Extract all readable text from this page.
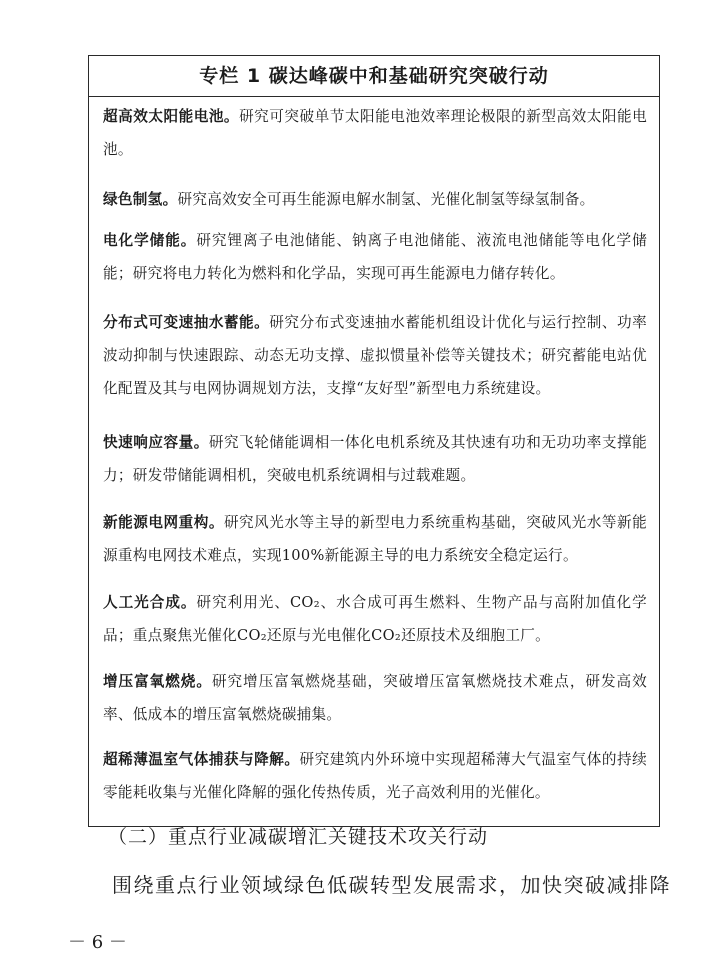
专栏 1 碳达峰碳中和基础研究突破行动
超高效太阳能电池。研究可突破单节太阳能电池效率理论极限的新型高效太阳能电池。
绿色制氢。研究高效安全可再生能源电解水制氢、光催化制氢等绿氢制备。
电化学储能。研究锂离子电池储能、钠离子电池储能、液流电池储能等电化学储能；研究将电力转化为燃料和化学品，实现可再生能源电力储存转化。
分布式可变速抽水蓄能。研究分布式变速抽水蓄能机组设计优化与运行控制、功率波动抑制与快速跟踪、动态无功支撑、虚拟惯量补偿等关键技术；研究蓄能电站优化配置及其与电网协调规划方法，支撑“友好型”新型电力系统建设。
快速响应容量。研究飞轮储能调相一体化电机系统及其快速有功和无功功率支撑能力；研发带储能调相机，突破电机系统调相与过载难题。
新能源电网重构。研究风光水等主导的新型电力系统重构基础，突破风光水等新能源重构电网技术难点，实现100%新能源主导的电力系统安全稳定运行。
人工光合成。研究利用光、CO₂、水合成可再生燃料、生物产品与高附加值化学品；重点聚焦光催化CO₂还原与光电催化CO₂还原技术及细胞工厂。
增压富氧燃烧。研究增压富氧燃烧基础，突破增压富氧燃烧技术难点，研发高效率、低成本的增压富氧燃烧碳捕集。
超稀薄温室气体捕获与降解。研究建筑内外环境中实现超稀薄大气温室气体的持续零能耗收集与光催化降解的强化传热传质，光子高效利用的光催化。
（二）重点行业减碳增汇关键技术攻关行动
围绕重点行业领域绿色低碳转型发展需求，加快突破减排降
－ 6 －
